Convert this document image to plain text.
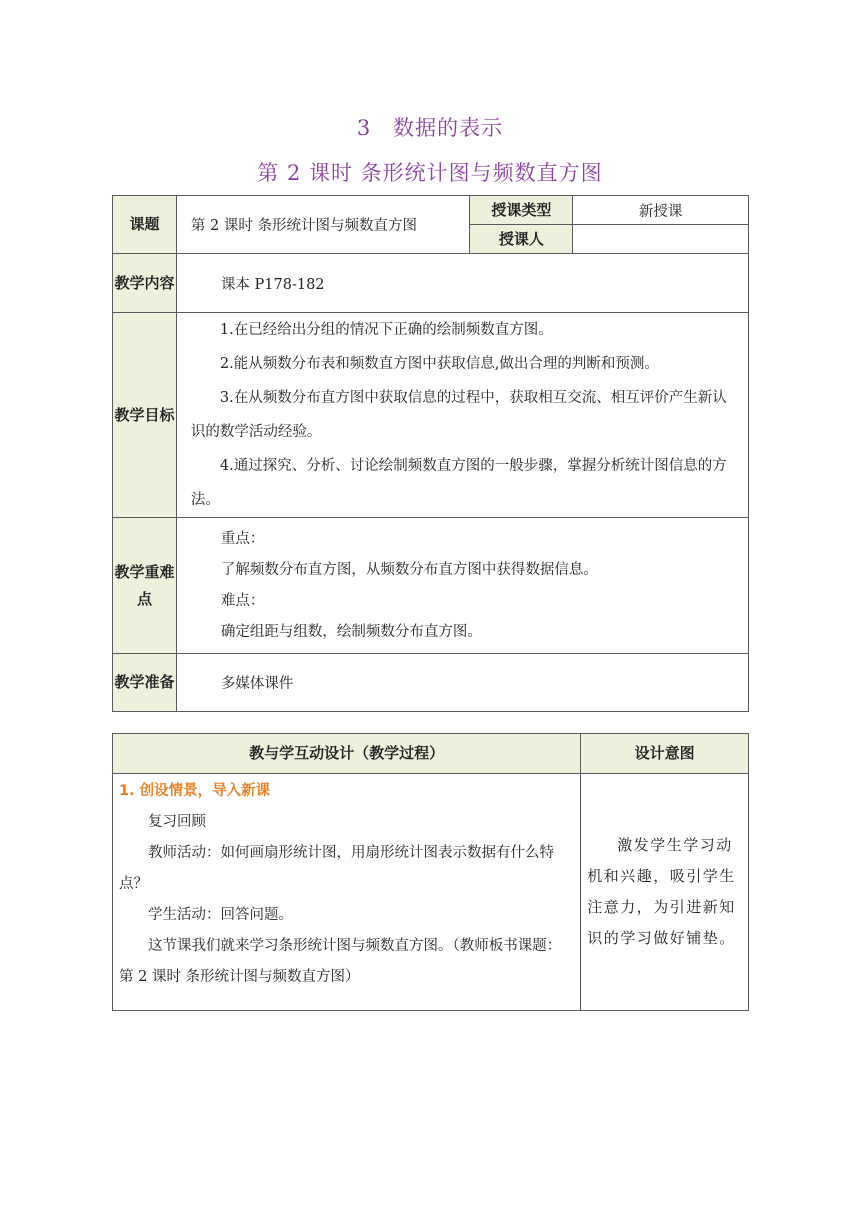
3　数据的表示
第 2 课时 条形统计图与频数直方图
课题	第 2 课时 条形统计图与频数直方图	授课类型	新授课
		授课人	
教学内容	课本 P178-182		
教学目标	1.在已经给出分组的情况下正确的绘制频数直方图。

2.能从频数分布表和频数直方图中获取信息,做出合理的判断和预测。

3.在从频数分布直方图中获取信息的过程中，获取相互交流、相互评价产生新认识的数学活动经验。

4.通过探究、分析、讨论绘制频数直方图的一般步骤，掌握分析统计图信息的方法。		

教学重难点	重点：

了解频数分布直方图，从频数分布直方图中获得数据信息。

难点：

确定组距与组数，绘制频数分布直方图。		

教学准备	多媒体课件		
教与学互动设计（教学过程）	设计意图

1. 创设情景，导入新课

复习回顾

教师活动：如何画扇形统计图，用扇形统计图表示数据有什么特点？

学生活动：回答问题。

这节课我们就来学习条形统计图与频数直方图。（教师板书课题： 第 2 课时 条形统计图与频数直方图）	激发学生学习动机和兴趣，吸引学生注意力，为引进新知识的学习做好铺垫。
